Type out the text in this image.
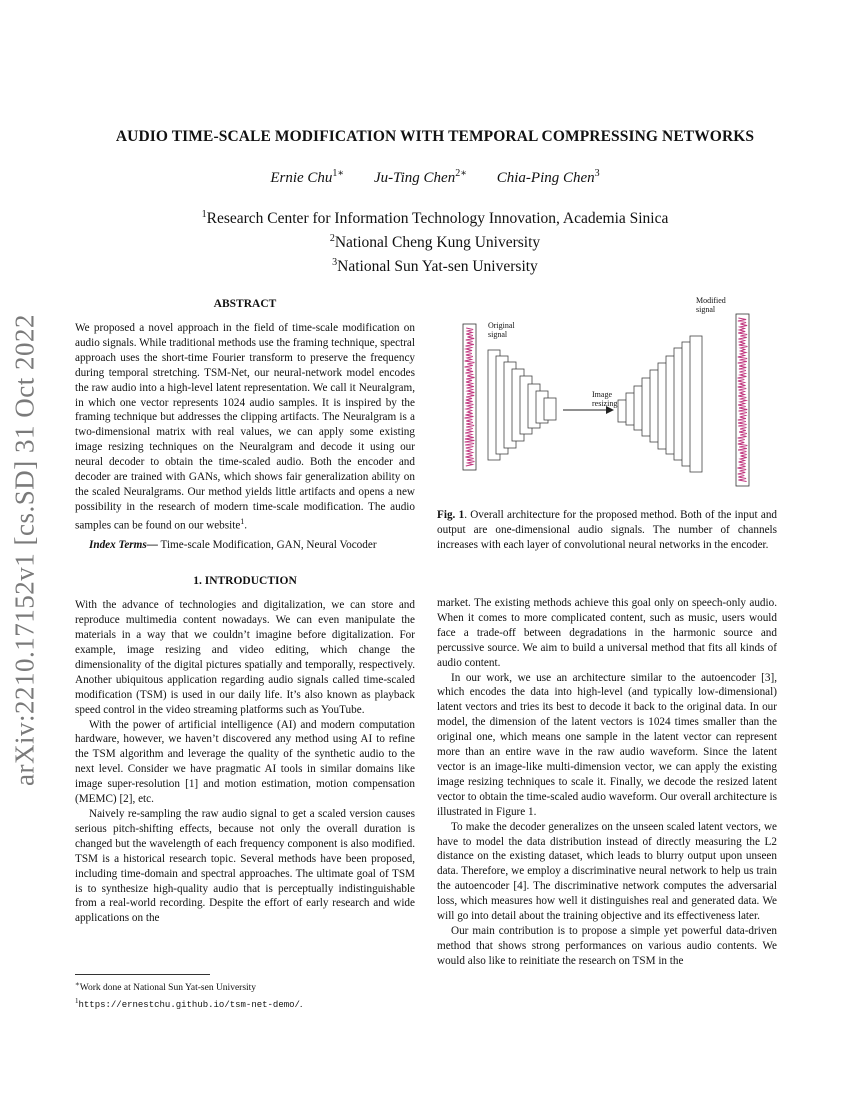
arXiv:2210.17152v1 [cs.SD] 31 Oct 2022
AUDIO TIME-SCALE MODIFICATION WITH TEMPORAL COMPRESSING NETWORKS
Ernie Chu$^{1∗}$ Ju-Ting Chen$^{2∗}$ Chia-Ping Chen$^3$
$^1$Research Center for Information Technology Innovation, Academia Sinica
$^2$National Cheng Kung University
$^3$National Sun Yat-sen University
ABSTRACT

We proposed a novel approach in the field of time-scale modification on audio signals. While traditional methods use the framing technique, spectral approach uses the short-time Fourier transform to preserve the frequency during temporal stretching. TSM-Net, our neural-network model encodes the raw audio into a high-level latent representation. We call it Neuralgram, in which one vector represents 1024 audio samples. It is inspired by the framing technique but addresses the clipping artifacts. The Neuralgram is a two-dimensional matrix with real values, we can apply some existing image resizing techniques on the Neuralgram and decode it using our neural decoder to obtain the time-scaled audio. Both the encoder and decoder are trained with GANs, which shows fair generalization ability on the scaled Neuralgrams. Our method yields little artifacts and opens a new possibility in the research of modern time-scale modification. The audio samples can be found on our website$^1$.

Index Terms— Time-scale Modification, GAN, Neural Vocoder

1. INTRODUCTION

With the advance of technologies and digitalization, we can store and reproduce multimedia content nowadays. We can even manipulate the materials in a way that we couldn’t imagine before digitalization. For example, image resizing and video editing, which change the dimensionality of the digital pictures spatially and temporally, respectively. Another ubiquitous application regarding audio signals called time-scaled modification (TSM) is used in our daily life. It’s also known as playback speed control in the video streaming platforms such as YouTube.

With the power of artificial intelligence (AI) and modern computation hardware, however, we haven’t discovered any method using AI to refine the TSM algorithm and leverage the quality of the synthetic audio to the next level. Consider we have pragmatic AI tools in similar domains like image super-resolution [1] and motion estimation, motion compensation (MEMC) [2], etc.

Naively re-sampling the raw audio signal to get a scaled version causes serious pitch-shifting effects, because not only the overall duration is changed but the wavelength of each frequency component is also modified. TSM is a historical research topic. Several methods have been proposed, including time-domain and spectral approaches. The ultimate goal of TSM is to synthesize high-quality audio that is perceptually indistinguishable from a real-world recording. Despite the effort of early research and wide applications on the

∗Work done at National Sun Yat-sen University
$^1$https://ernestchu.github.io/tsm-net-demo/.
Original
signal
Modified
signal
Image
resizing
Fig. 1. Overall architecture for the proposed method. Both of the input and output are one-dimensional audio signals. The number of channels increases with each layer of convolutional neural networks in the encoder.

market. The existing methods achieve this goal only on speech-only audio. When it comes to more complicated content, such as music, users would face a trade-off between degradations in the harmonic source and percussive source. We aim to build a universal method that fits all kinds of audio content.

In our work, we use an architecture similar to the autoencoder [3], which encodes the data into high-level (and typically low-dimensional) latent vectors and tries its best to decode it back to the original data. In our model, the dimension of the latent vectors is 1024 times smaller than the original one, which means one sample in the latent vector can represent more than an entire wave in the raw audio waveform. Since the latent vector is an image-like multi-dimension vector, we can apply the existing image resizing techniques to scale it. Finally, we decode the resized latent vector to obtain the time-scaled audio waveform. Our overall architecture is illustrated in Figure 1.

To make the decoder generalizes on the unseen scaled latent vectors, we have to model the data distribution instead of directly measuring the L2 distance on the existing dataset, which leads to blurry output upon unseen data. Therefore, we employ a discriminative neural network to help us train the autoencoder [4]. The discriminative network computes the adversarial loss, which measures how well it distinguishes real and generated data. We will go into detail about the training objective and its effectiveness later.

Our main contribution is to propose a simple yet powerful data-driven method that shows strong performances on various audio contents. We would also like to reinitiate the research on TSM in the
